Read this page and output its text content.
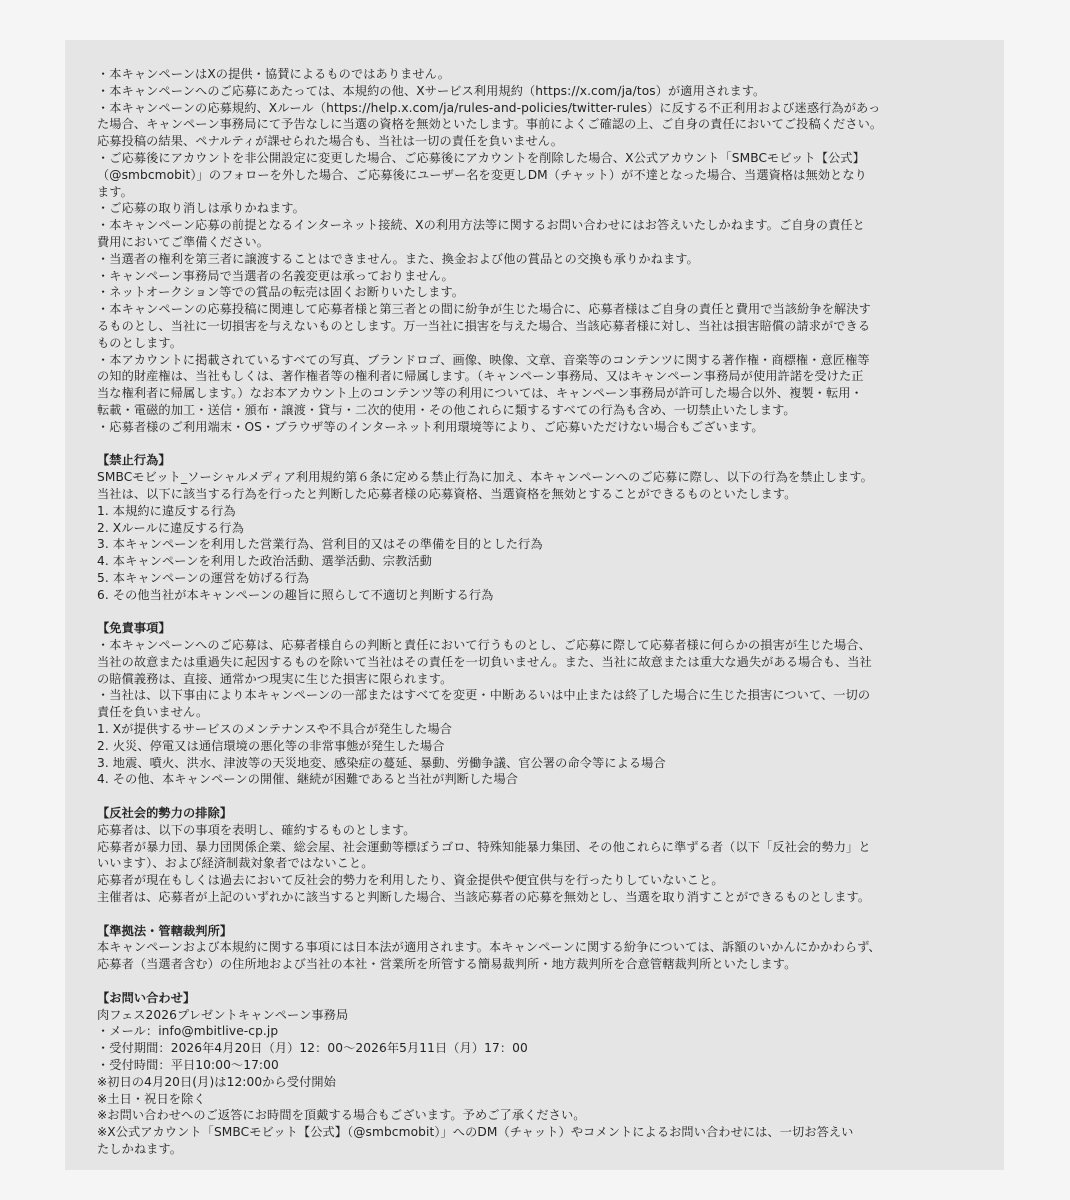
・本キャンペーンはXの提供・協賛によるものではありません。
・本キャンペーンへのご応募にあたっては、本規約の他、Xサービス利用規約（https://x.com/ja/tos）が適用されます。
・本キャンペーンの応募規約、Xルール（https://help.x.com/ja/rules-and-policies/twitter-rules）に反する不正利用および迷惑行為があっ
た場合、キャンペーン事務局にて予告なしに当選の資格を無効といたします。事前によくご確認の上、ご自身の責任においてご投稿ください。
応募投稿の結果、ペナルティが課せられた場合も、当社は一切の責任を負いません。
・ご応募後にアカウントを非公開設定に変更した場合、ご応募後にアカウントを削除した場合、X公式アカウント「SMBCモビット【公式】
（@smbcmobit）」のフォローを外した場合、ご応募後にユーザー名を変更しDM（チャット）が不達となった場合、当選資格は無効となり
ます。
・ご応募の取り消しは承りかねます。
・本キャンペーン応募の前提となるインターネット接続、Xの利用方法等に関するお問い合わせにはお答えいたしかねます。ご自身の責任と
費用においてご準備ください。
・当選者の権利を第三者に譲渡することはできません。また、換金および他の賞品との交換も承りかねます。
・キャンペーン事務局で当選者の名義変更は承っておりません。
・ネットオークション等での賞品の転売は固くお断りいたします。
・本キャンペーンの応募投稿に関連して応募者様と第三者との間に紛争が生じた場合に、応募者様はご自身の責任と費用で当該紛争を解決す
るものとし、当社に一切損害を与えないものとします。万一当社に損害を与えた場合、当該応募者様に対し、当社は損害賠償の請求ができる
ものとします。
・本アカウントに掲載されているすべての写真、ブランドロゴ、画像、映像、文章、音楽等のコンテンツに関する著作権・商標権・意匠権等
の知的財産権は、当社もしくは、著作権者等の権利者に帰属します。（キャンペーン事務局、又はキャンペーン事務局が使用許諾を受けた正
当な権利者に帰属します。）なお本アカウント上のコンテンツ等の利用については、キャンペーン事務局が許可した場合以外、複製・転用・
転載・電磁的加工・送信・頒布・譲渡・貸与・二次的使用・その他これらに類するすべての行為も含め、一切禁止いたします。
・応募者様のご利用端末・OS・ブラウザ等のインターネット利用環境等により、ご応募いただけない場合もございます。
【禁止行為】
SMBCモビット_ソーシャルメディア利用規約第６条に定める禁止行為に加え、本キャンペーンへのご応募に際し、以下の行為を禁止します。
当社は、以下に該当する行為を行ったと判断した応募者様の応募資格、当選資格を無効とすることができるものといたします。
1. 本規約に違反する行為
2. Xルールに違反する行為
3. 本キャンペーンを利用した営業行為、営利目的又はその準備を目的とした行為
4. 本キャンペーンを利用した政治活動、選挙活動、宗教活動
5. 本キャンペーンの運営を妨げる行為
6. その他当社が本キャンペーンの趣旨に照らして不適切と判断する行為
【免責事項】
・本キャンペーンへのご応募は、応募者様自らの判断と責任において行うものとし、ご応募に際して応募者様に何らかの損害が生じた場合、
当社の故意または重過失に起因するものを除いて当社はその責任を一切負いません。また、当社に故意または重大な過失がある場合も、当社
の賠償義務は、直接、通常かつ現実に生じた損害に限られます。
・当社は、以下事由により本キャンペーンの一部またはすべてを変更・中断あるいは中止または終了した場合に生じた損害について、一切の
責任を負いません。
1. Xが提供するサービスのメンテナンスや不具合が発生した場合
2. 火災、停電又は通信環境の悪化等の非常事態が発生した場合
3. 地震、噴火、洪水、津波等の天災地変、感染症の蔓延、暴動、労働争議、官公署の命令等による場合
4. その他、本キャンペーンの開催、継続が困難であると当社が判断した場合
【反社会的勢力の排除】
応募者は、以下の事項を表明し、確約するものとします。
応募者が暴力団、暴力団関係企業、総会屋、社会運動等標ぼうゴロ、特殊知能暴力集団、その他これらに準ずる者（以下「反社会的勢力」と
いいます）、および経済制裁対象者ではないこと。
応募者が現在もしくは過去において反社会的勢力を利用したり、資金提供や便宜供与を行ったりしていないこと。
主催者は、応募者が上記のいずれかに該当すると判断した場合、当該応募者の応募を無効とし、当選を取り消すことができるものとします。
【準拠法・管轄裁判所】
本キャンペーンおよび本規約に関する事項には日本法が適用されます。本キャンペーンに関する紛争については、訴額のいかんにかかわらず、
応募者（当選者含む）の住所地および当社の本社・営業所を所管する簡易裁判所・地方裁判所を合意管轄裁判所といたします。
【お問い合わせ】
肉フェス2026プレゼントキャンペーン事務局
・メール：info@mbitlive-cp.jp
・受付期間：2026年4月20日（月）12：00～2026年5月11日（月）17：00
・受付時間：平日10:00～17:00
※初日の4月20日(月)は12:00から受付開始
※土日・祝日を除く
※お問い合わせへのご返答にお時間を頂戴する場合もございます。予めご了承ください。
※X公式アカウント「SMBCモビット【公式】（@smbcmobit）」へのDM（チャット）やコメントによるお問い合わせには、一切お答えい
たしかねます。
